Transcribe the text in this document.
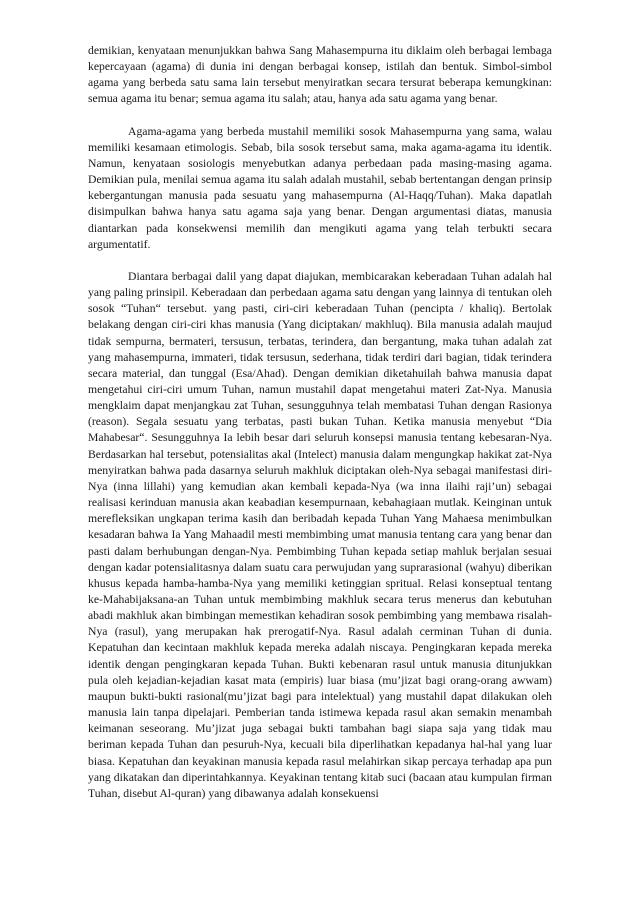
demikian, kenyataan menunjukkan bahwa Sang Mahasempurna itu diklaim oleh berbagai lembaga kepercayaan (agama) di dunia ini dengan berbagai konsep, istilah dan bentuk. Simbol-simbol agama yang berbeda satu sama lain tersebut menyiratkan secara tersurat beberapa kemungkinan: semua agama itu benar; semua agama itu salah; atau, hanya ada satu agama yang benar.

Agama-agama yang berbeda mustahil memiliki sosok Mahasempurna yang sama, walau memiliki kesamaan etimologis. Sebab, bila sosok tersebut sama, maka agama-agama itu identik. Namun, kenyataan sosiologis menyebutkan adanya perbedaan pada masing-masing agama. Demikian pula, menilai semua agama itu salah adalah mustahil, sebab bertentangan dengan prinsip kebergantungan manusia pada sesuatu yang mahasempurna (Al-Haqq/Tuhan). Maka dapatlah disimpulkan bahwa hanya satu agama saja yang benar. Dengan argumentasi diatas, manusia diantarkan pada konsekwensi memilih dan mengikuti agama yang telah terbukti secara argumentatif.

Diantara berbagai dalil yang dapat diajukan, membicarakan keberadaan Tuhan adalah hal yang paling prinsipil. Keberadaan dan perbedaan agama satu dengan yang lainnya di tentukan oleh sosok “Tuhan“ tersebut. yang pasti, ciri-ciri keberadaan Tuhan (pencipta / khaliq). Bertolak belakang dengan ciri-ciri khas manusia (Yang diciptakan/ makhluq). Bila manusia adalah maujud tidak sempurna, bermateri, tersusun, terbatas, terindera, dan bergantung, maka tuhan adalah zat yang mahasempurna, immateri, tidak tersusun, sederhana, tidak terdiri dari bagian, tidak terindera secara material, dan tunggal (Esa/Ahad). Dengan demikian diketahuilah bahwa manusia dapat mengetahui ciri-ciri umum Tuhan, namun mustahil dapat mengetahui materi Zat-Nya. Manusia mengklaim dapat menjangkau zat Tuhan, sesungguhnya telah membatasi Tuhan dengan Rasionya (reason). Segala sesuatu yang terbatas, pasti bukan Tuhan. Ketika manusia menyebut “Dia Mahabesar“. Sesungguhnya Ia lebih besar dari seluruh konsepsi manusia tentang kebesaran-Nya. Berdasarkan hal tersebut, potensialitas akal (Intelect) manusia dalam mengungkap hakikat zat-Nya menyiratkan bahwa pada dasarnya seluruh makhluk diciptakan oleh-Nya sebagai manifestasi diri-Nya (inna lillahi) yang kemudian akan kembali kepada-Nya (wa inna ilaihi raji’un) sebagai realisasi kerinduan manusia akan keabadian kesempurnaan, kebahagiaan mutlak. Keinginan untuk merefleksikan ungkapan terima kasih dan beribadah kepada Tuhan Yang Mahaesa menimbulkan kesadaran bahwa Ia Yang Mahaadil mesti membimbing umat manusia tentang cara yang benar dan pasti dalam berhubungan dengan-Nya. Pembimbing Tuhan kepada setiap mahluk berjalan sesuai dengan kadar potensialitasnya dalam suatu cara perwujudan yang suprarasional (wahyu) diberikan khusus kepada hamba-hamba-Nya yang memiliki ketinggian spritual. Relasi konseptual tentang ke-Mahabijaksana-an Tuhan untuk membimbing makhluk secara terus menerus dan kebutuhan abadi makhluk akan bimbingan memestikan kehadiran sosok pembimbing yang membawa risalah-Nya (rasul), yang merupakan hak prerogatif-Nya. Rasul adalah cerminan Tuhan di dunia. Kepatuhan dan kecintaan makhluk kepada mereka adalah niscaya. Pengingkaran kepada mereka identik dengan pengingkaran kepada Tuhan. Bukti kebenaran rasul untuk manusia ditunjukkan pula oleh kejadian-kejadian kasat mata (empiris) luar biasa (mu’jizat bagi orang-orang awwam) maupun bukti-bukti rasional(mu’jizat bagi para intelektual) yang mustahil dapat dilakukan oleh manusia lain tanpa dipelajari. Pemberian tanda istimewa kepada rasul akan semakin menambah keimanan seseorang. Mu’jizat juga sebagai bukti tambahan bagi siapa saja yang tidak mau beriman kepada Tuhan dan pesuruh-Nya, kecuali bila diperlihatkan kepadanya hal-hal yang luar biasa. Kepatuhan dan keyakinan manusia kepada rasul melahirkan sikap percaya terhadap apa pun yang dikatakan dan diperintahkannya. Keyakinan tentang kitab suci (bacaan atau kumpulan firman Tuhan, disebut Al-quran) yang dibawanya adalah konsekuensi
